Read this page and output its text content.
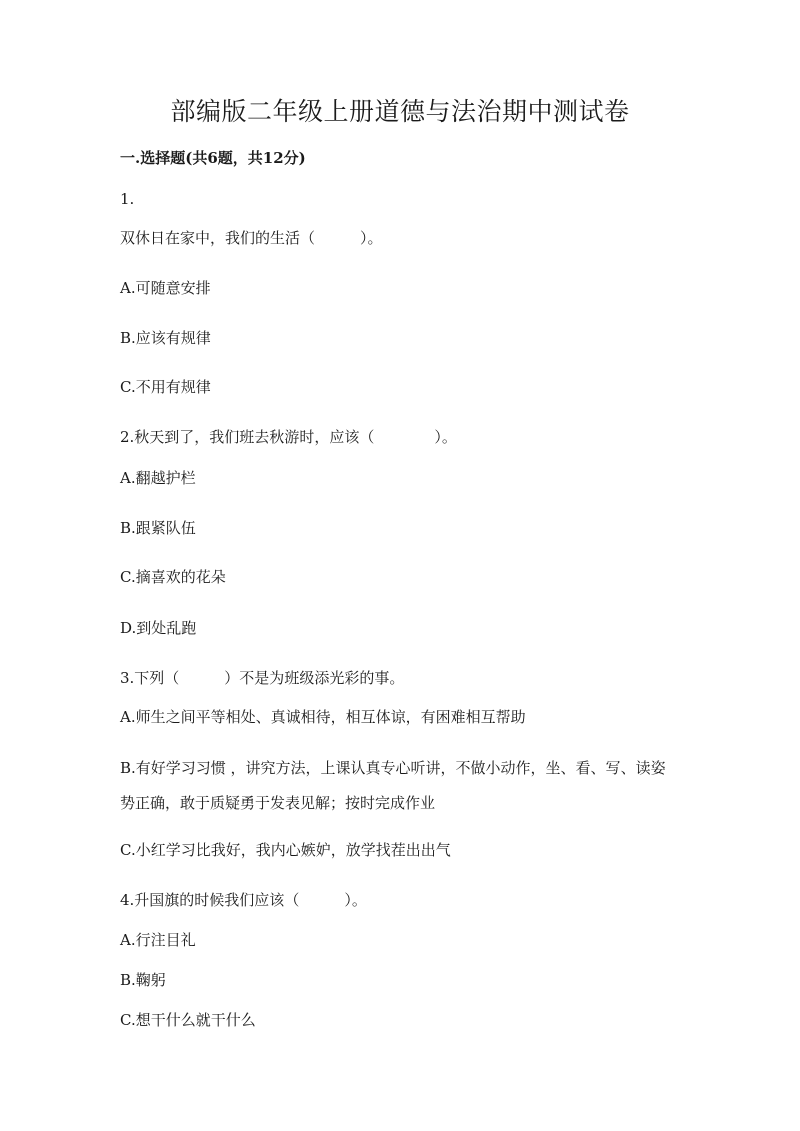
部编版二年级上册道德与法治期中测试卷
一.选择题(共6题，共12分)
1.
双休日在家中，我们的生活（　　　）。
A.可随意安排
B.应该有规律
C.不用有规律
2.秋天到了，我们班去秋游时，应该（　　　　）。
A.翻越护栏
B.跟紧队伍
C.摘喜欢的花朵
D.到处乱跑
3.下列（　　　）不是为班级添光彩的事。
A.师生之间平等相处、真诚相待，相互体谅，有困难相互帮助
B.有好学习习惯 ，讲究方法，上课认真专心听讲，不做小动作，坐、看、写、读姿势正确，敢于质疑勇于发表见解；按时完成作业
C.小红学习比我好，我内心嫉妒，放学找茬出出气
4.升国旗的时候我们应该（　　　）。
A.行注目礼
B.鞠躬
C.想干什么就干什么
